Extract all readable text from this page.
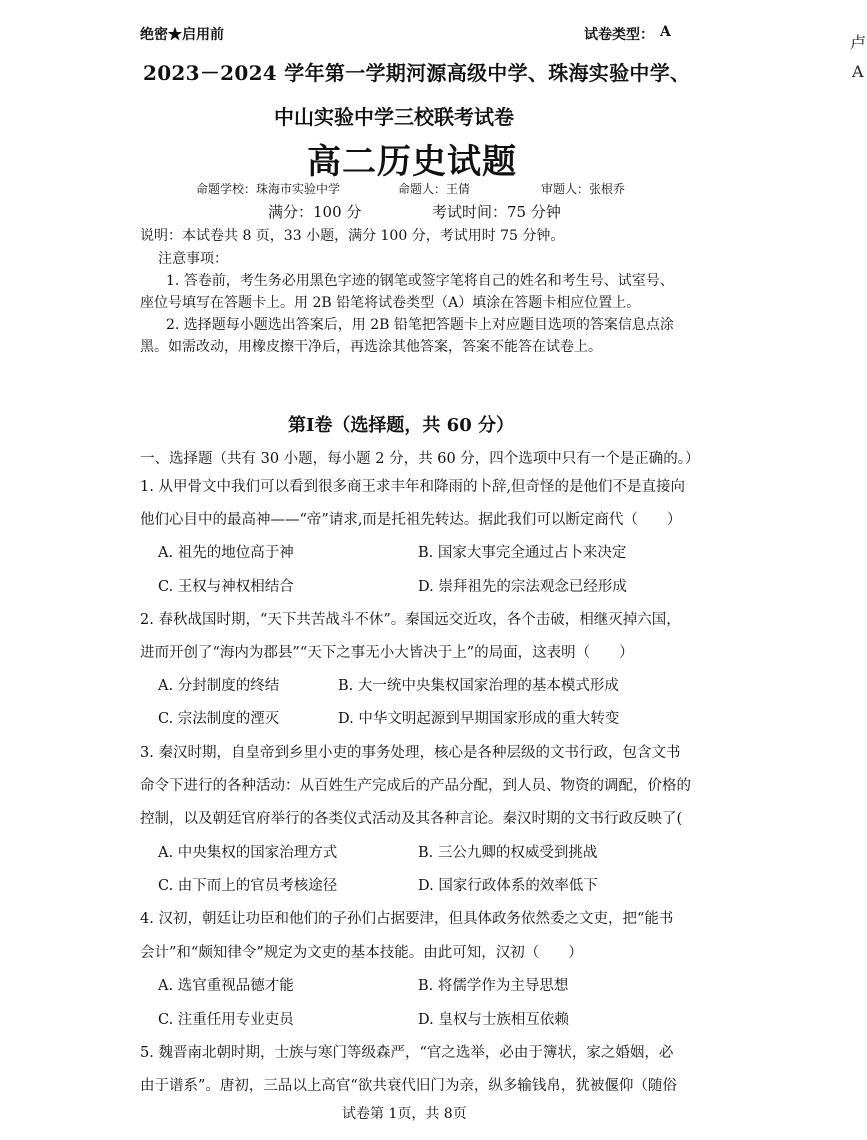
绝密★启用前	试卷类型： A
卢
A
2023－2024 学年第一学期河源高级中学、珠海实验中学、
中山实验中学三校联考试卷
高二历史试题
命题学校：珠海市实验中学	命题人：王倩	审题人：张根乔
满分：100 分	考试时间：75 分钟
说明：本试卷共 8 页，33 小题，满分 100 分，考试用时 75 分钟。
注意事项：
1. 答卷前，考生务必用黑色字迹的钢笔或签字笔将自己的姓名和考生号、试室号、
座位号填写在答题卡上。用 2B 铅笔将试卷类型（A）填涂在答题卡相应位置上。
2. 选择题每小题选出答案后，用 2B 铅笔把答题卡上对应题目选项的答案信息点涂
黑。如需改动，用橡皮擦干净后，再选涂其他答案，答案不能答在试卷上。
第Ⅰ卷（选择题，共 60 分）
一、选择题（共有 30 小题，每小题 2 分，共 60 分，四个选项中只有一个是正确的。）
1. 从甲骨文中我们可以看到很多商王求丰年和降雨的卜辞,但奇怪的是他们不是直接向
他们心目中的最高神——“帝”请求,而是托祖先转达。据此我们可以断定商代（　　）
A. 祖先的地位高于神	B. 国家大事完全通过占卜来决定
C. 王权与神权相结合	D. 崇拜祖先的宗法观念已经形成
2. 春秋战国时期，“天下共苦战斗不休”。秦国远交近攻，各个击破，相继灭掉六国，
进而开创了“海内为郡县”“天下之事无小大皆决于上”的局面，这表明（　　）
A. 分封制度的终结	B. 大一统中央集权国家治理的基本模式形成
C. 宗法制度的湮灭	D. 中华文明起源到早期国家形成的重大转变
3. 秦汉时期，自皇帝到乡里小吏的事务处理，核心是各种层级的文书行政，包含文书
命令下进行的各种活动：从百姓生产完成后的产品分配，到人员、物资的调配，价格的
控制，以及朝廷官府举行的各类仪式活动及其各种言论。秦汉时期的文书行政反映了(
A. 中央集权的国家治理方式	B. 三公九卿的权威受到挑战
C. 由下而上的官员考核途径	D. 国家行政体系的效率低下
4. 汉初，朝廷让功臣和他们的子孙们占据要津，但具体政务依然委之文吏，把“能书
会计”和“颇知律令”规定为文吏的基本技能。由此可知，汉初（　　）
A. 选官重视品德才能	B. 将儒学作为主导思想
C. 注重任用专业吏员	D. 皇权与士族相互依赖
5. 魏晋南北朝时期，士族与寒门等级森严，“官之选举，必由于簿状，家之婚姻，必
由于谱系”。唐初，三品以上高官“欲共衰代旧门为亲，纵多输钱帛，犹被偃仰（随俗
试卷第 1页，共 8页
